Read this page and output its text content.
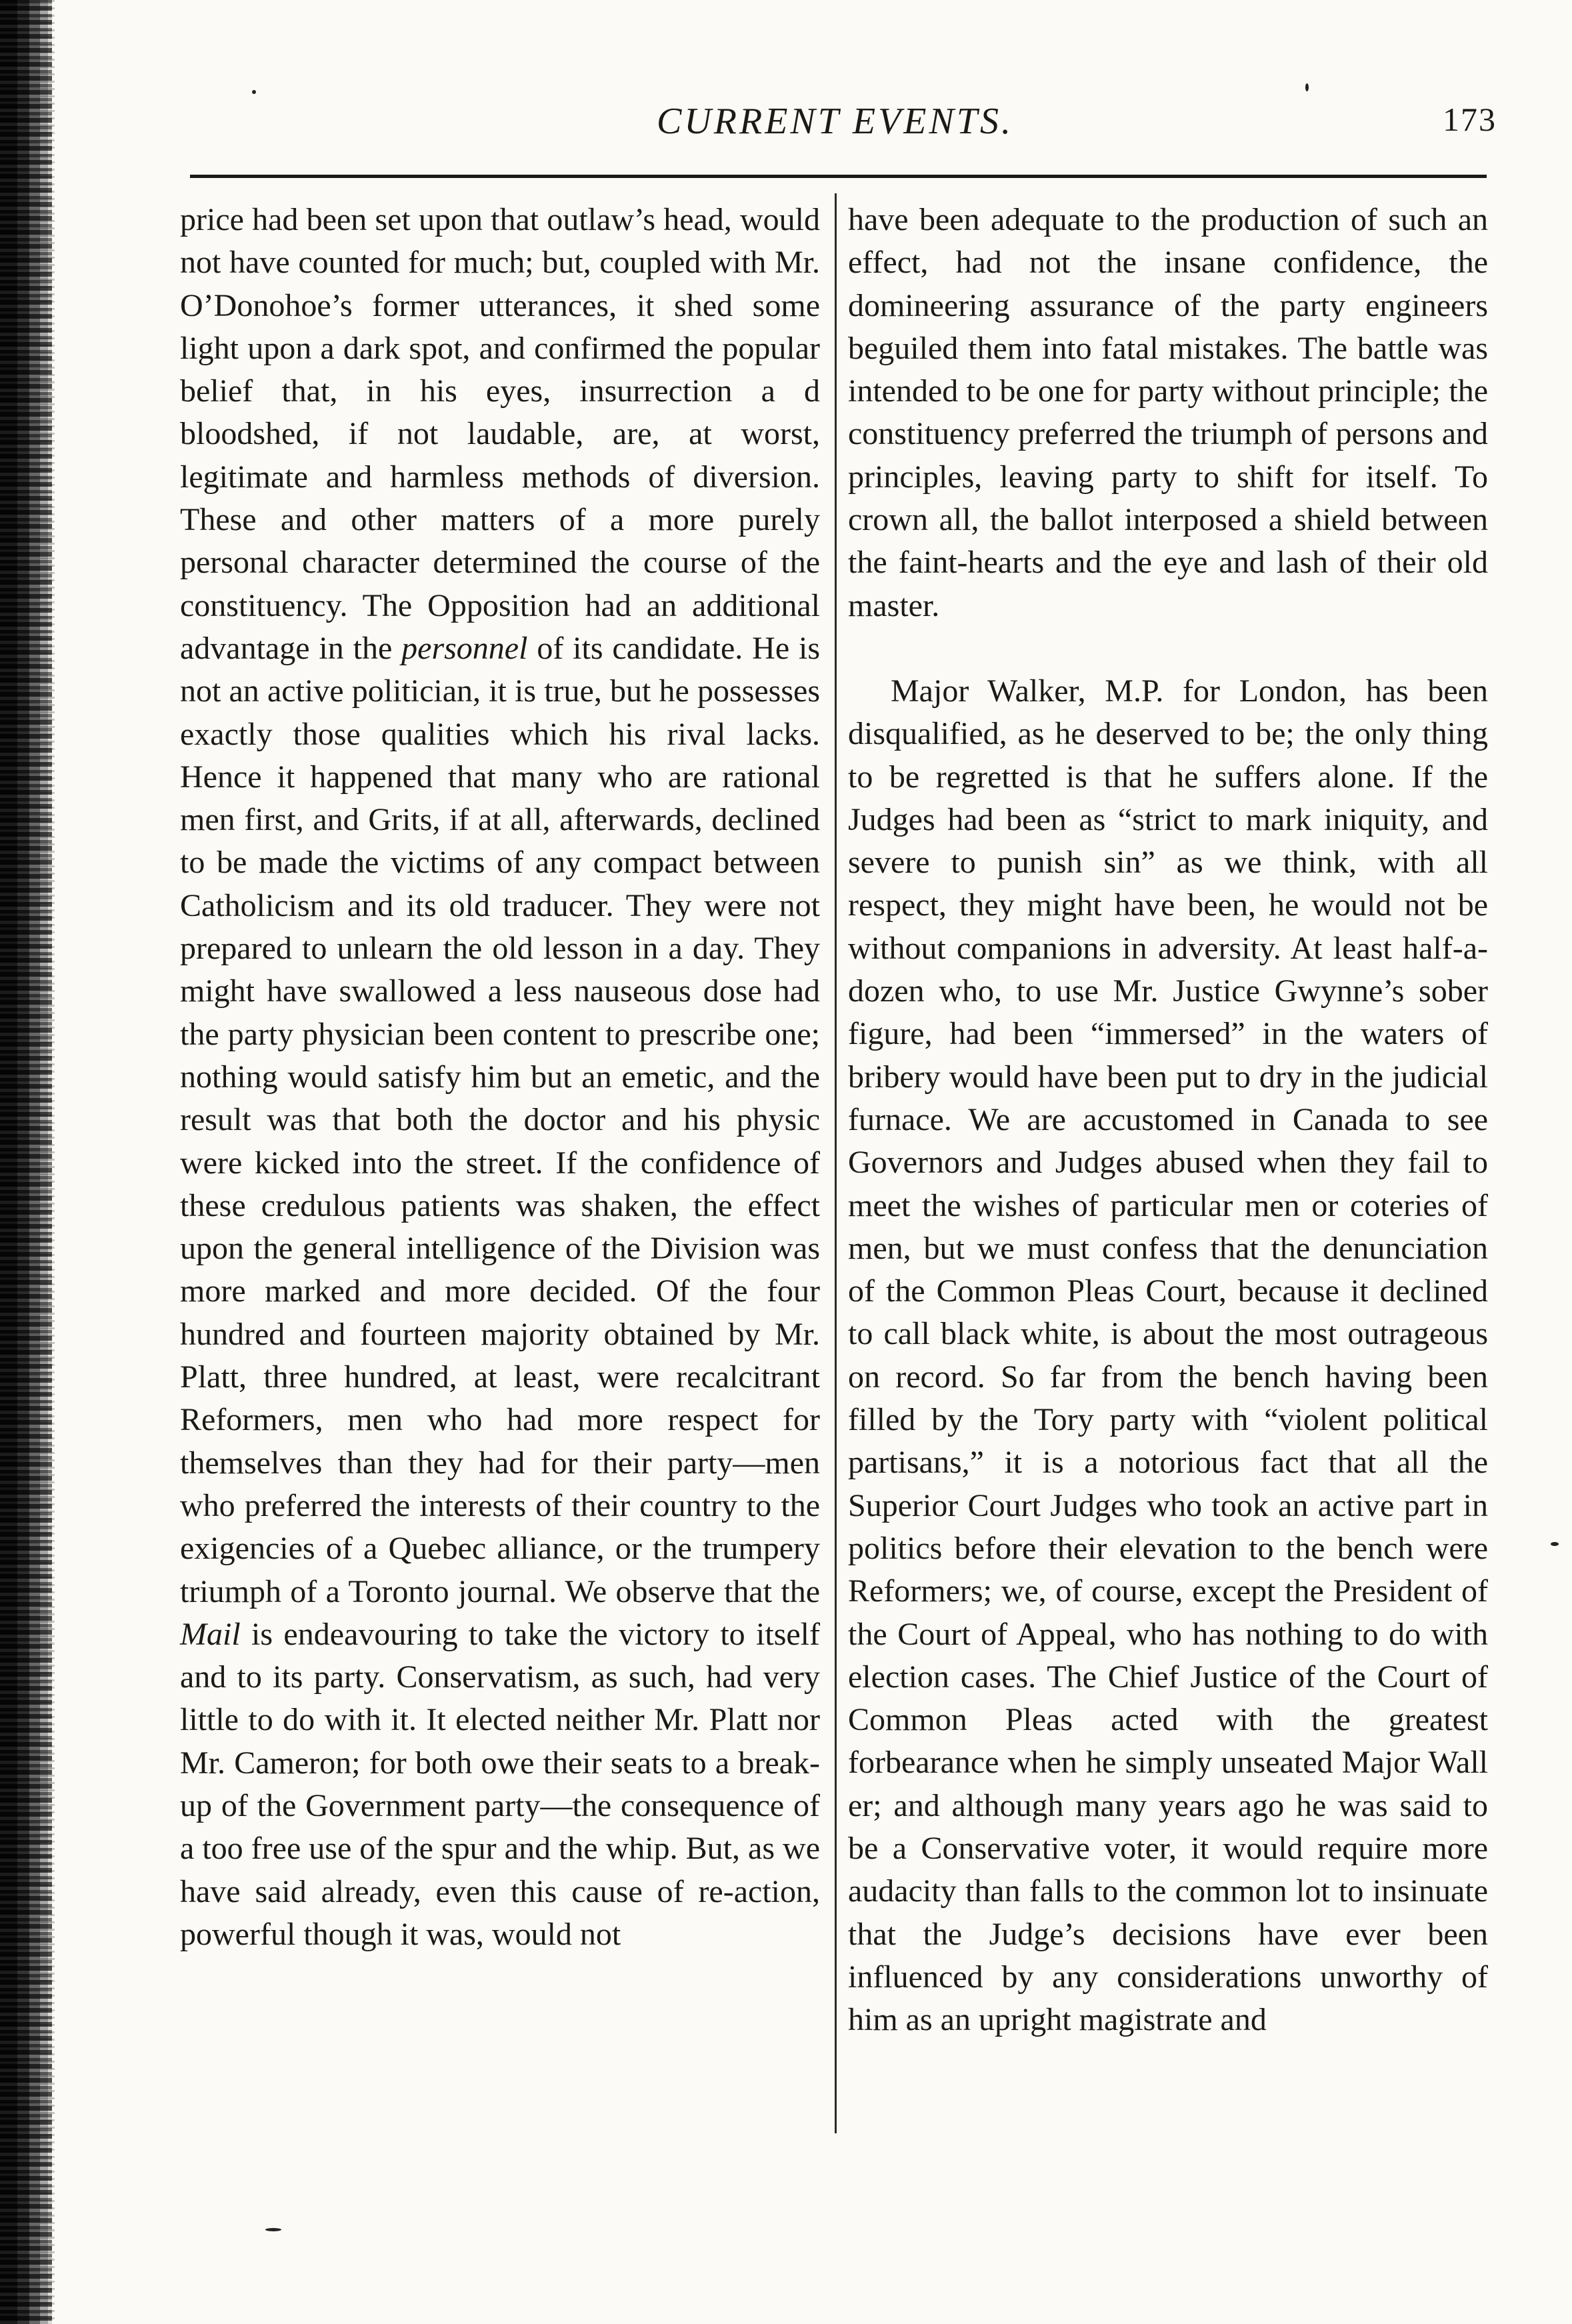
CURRENT EVENTS.	173

price had been set upon that outlaw’s head, would not have counted for much; but, coupled with Mr. O’Donohoe’s former utterances, it shed some light upon a dark spot, and confirmed the popular belief that, in his eyes, insurrection a d bloodshed, if not laudable, are, at worst, legitimate and harmless methods of diversion. These and other matters of a more purely personal character determined the course of the constituency. The Opposition had an additional advantage in the personnel of its candidate. He is not an active politician, it is true, but he possesses exactly those qualities which his rival lacks. Hence it happened that many who are rational men first, and Grits, if at all, afterwards, declined to be made the victims of any compact between Catholicism and its old traducer. They were not prepared to unlearn the old lesson in a day. They might have swallowed a less nauseous dose had the party physician been content to prescribe one; nothing would satisfy him but an emetic, and the result was that both the doctor and his physic were kicked into the street. If the confidence of these credulous patients was shaken, the effect upon the general intelligence of the Division was more marked and more decided. Of the four hundred and fourteen majority obtained by Mr. Platt, three hundred, at least, were recalcitrant Reformers, men who had more respect for themselves than they had for their party—men who preferred the interests of their country to the exigencies of a Quebec alliance, or the trumpery triumph of a Toronto journal. We observe that the Mail is endeavouring to take the victory to itself and to its party. Conservatism, as such, had very little to do with it. It elected neither Mr. Platt nor Mr. Cameron; for both owe their seats to a break-up of the Government party—the consequence of a too free use of the spur and the whip. But, as we have said already, even this cause of re-action, powerful though it was, would not

have been adequate to the production of such an effect, had not the insane confidence, the domineering assurance of the party engineers beguiled them into fatal mistakes. The battle was intended to be one for party without principle; the constituency preferred the triumph of persons and principles, leaving party to shift for itself. To crown all, the ballot interposed a shield between the faint-hearts and the eye and lash of their old master.

Major Walker, M.P. for London, has been disqualified, as he deserved to be; the only thing to be regretted is that he suffers alone. If the Judges had been as “strict to mark iniquity, and severe to punish sin” as we think, with all respect, they might have been, he would not be without companions in adversity. At least half-a-dozen who, to use Mr. Justice Gwynne’s sober figure, had been “immersed” in the waters of bribery would have been put to dry in the judicial furnace. We are accustomed in Canada to see Governors and Judges abused when they fail to meet the wishes of particular men or coteries of men, but we must confess that the denunciation of the Common Pleas Court, because it declined to call black white, is about the most outrageous on record. So far from the bench having been filled by the Tory party with “violent political partisans,” it is a notorious fact that all the Superior Court Judges who took an active part in politics before their elevation to the bench were Reformers; we, of course, except the President of the Court of Appeal, who has nothing to do with election cases. The Chief Justice of the Court of Common Pleas acted with the greatest forbearance when he simply unseated Major Wall er; and although many years ago he was said to be a Conservative voter, it would require more audacity than falls to the common lot to insinuate that the Judge’s decisions have ever been influenced by any considerations unworthy of him as an upright magistrate and
